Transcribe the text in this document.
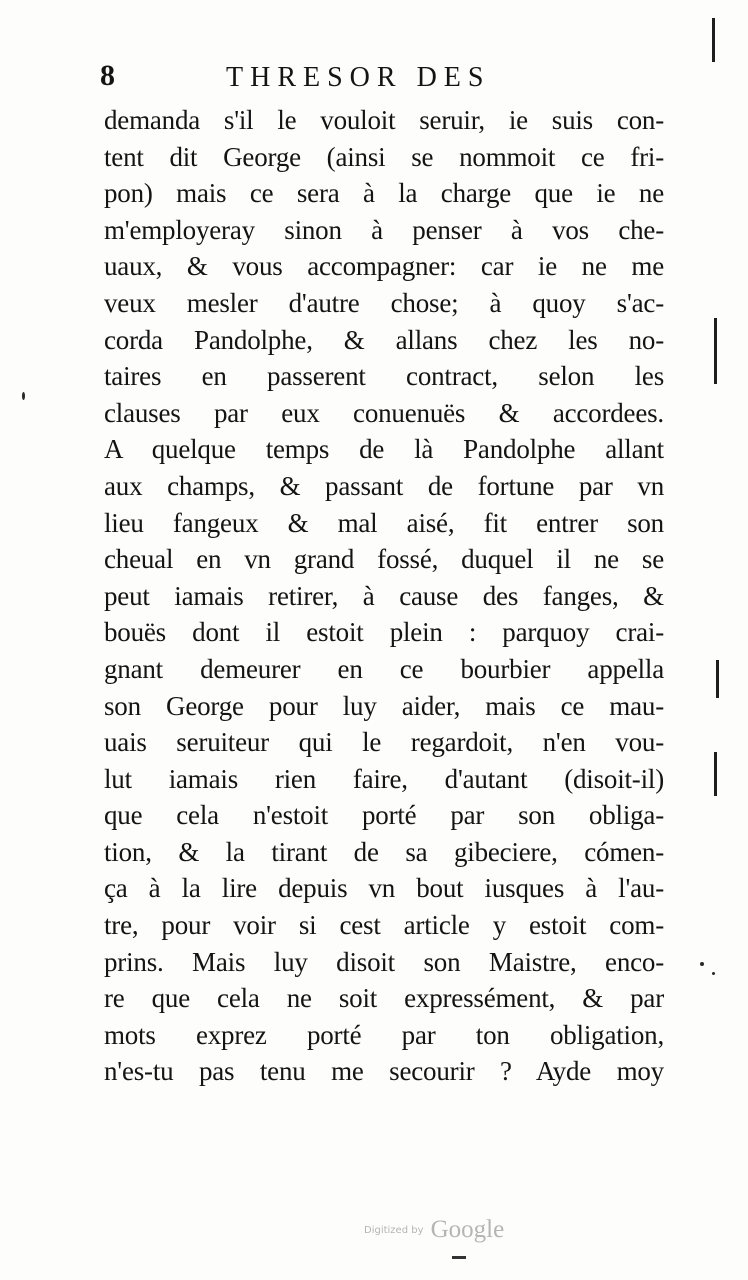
8	THRESOR DES
demanda s'il le vouloit seruir, ie suis con-
tent dit George (ainsi se nommoit ce fri-
pon) mais ce sera à la charge que ie ne
m'employeray sinon à penser à vos che-
uaux, & vous accompagner: car ie ne me
veux mesler d'autre chose; à quoy s'ac-
corda Pandolphe, & allans chez les no-
taires en passerent contract, selon les
clauses par eux conuenuës & accordees.
A quelque temps de là Pandolphe allant
aux champs, & passant de fortune par vn
lieu fangeux & mal aisé, fit entrer son
cheual en vn grand fossé, duquel il ne se
peut iamais retirer, à cause des fanges, &
bouës dont il estoit plein : parquoy crai-
gnant demeurer en ce bourbier appella
son George pour luy aider, mais ce mau-
uais seruiteur qui le regardoit, n'en vou-
lut iamais rien faire, d'autant (disoit-il)
que cela n'estoit porté par son obliga-
tion, & la tirant de sa gibeciere, cómen-
ça à la lire depuis vn bout iusques à l'au-
tre, pour voir si cest article y estoit com-
prins. Mais luy disoit son Maistre, enco-
re que cela ne soit expressément, & par
mots exprez porté par ton obligation,
n'es-tu pas tenu me secourir ? Ayde moy
Digitized by Google
